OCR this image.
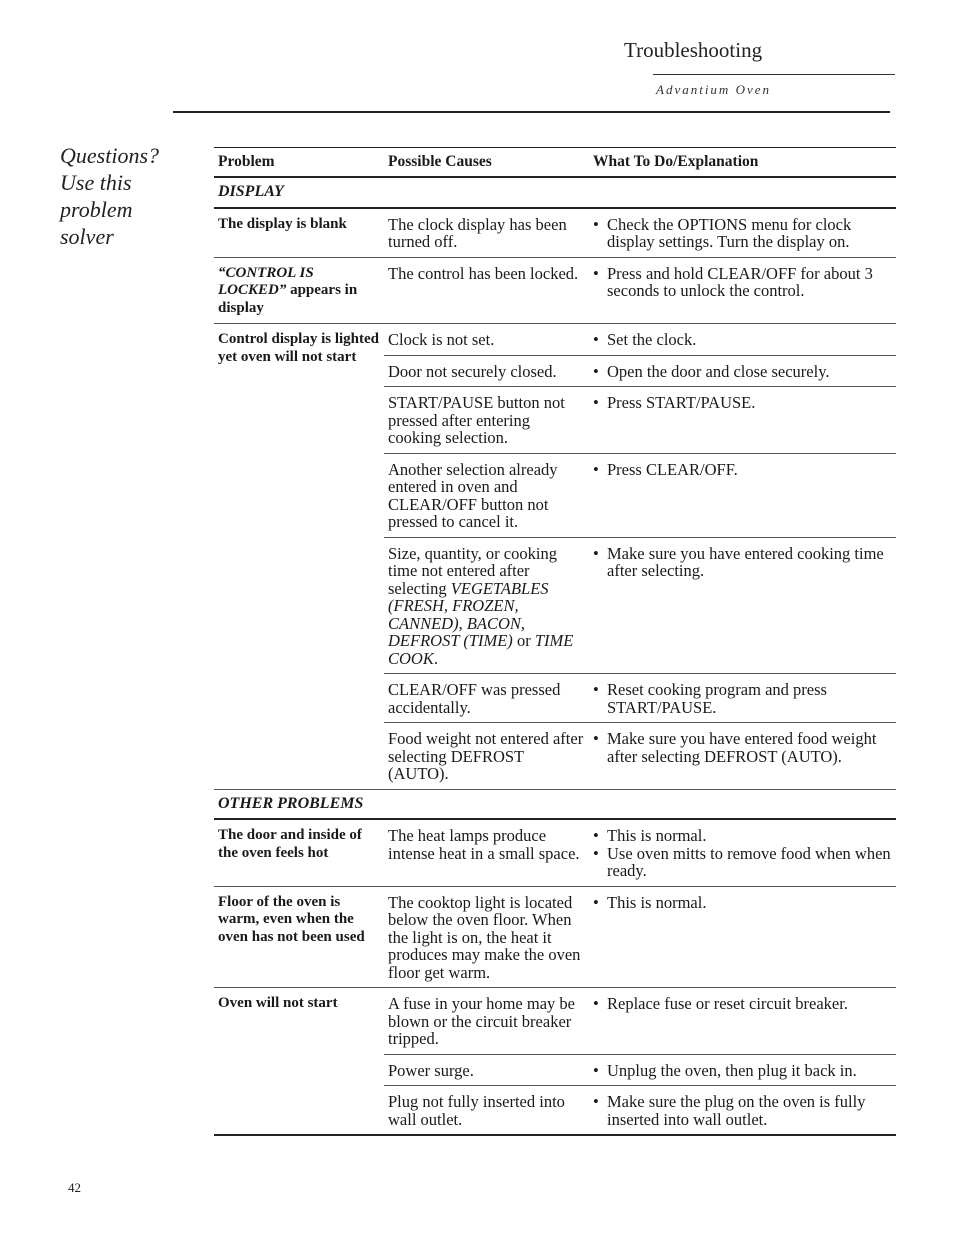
Troubleshooting
Advantium Oven
Questions?
Use this
problem
solver
Problem	Possible Causes	What To Do/Explanation
DISPLAY		
The display is blank	The clock display has been turned off.	• Check the OPTIONS menu for clock display settings. Turn the display on.

“CONTROL IS LOCKED” appears in display	The control has been locked.	• Press and hold CLEAR/OFF for about 3 seconds to unlock the control.

Control display is lighted yet oven will not start	Clock is not set.	• Set the clock.

	Door not securely closed.	• Open the door and close securely.

	START/PAUSE button not pressed after entering cooking selection.	• Press START/PAUSE.

	Another selection already entered in oven and CLEAR/OFF button not pressed to cancel it.	• Press CLEAR/OFF.

	Size, quantity, or cooking time not entered after selecting VEGETABLES (FRESH, FROZEN, CANNED), BACON, DEFROST (TIME) or TIME COOK.	• Make sure you have entered cooking time after selecting.

	CLEAR/OFF was pressed accidentally.	• Reset cooking program and press START/PAUSE.

	Food weight not entered after selecting DEFROST (AUTO).	• Make sure you have entered food weight after selecting DEFROST (AUTO).

OTHER PROBLEMS		
The door and inside of the oven feels hot	The heat lamps produce intense heat in a small space.	• This is normal.
• Use oven mitts to remove food when when ready.

Floor of the oven is warm, even when the oven has not been used	The cooktop light is located below the oven floor. When the light is on, the heat it produces may make the oven floor get warm.	• This is normal.

Oven will not start	A fuse in your home may be blown or the circuit breaker tripped.	• Replace fuse or reset circuit breaker.

	Power surge.	• Unplug the oven, then plug it back in.

	Plug not fully inserted into wall outlet.	• Make sure the plug on the oven is fully inserted into wall outlet.
42
